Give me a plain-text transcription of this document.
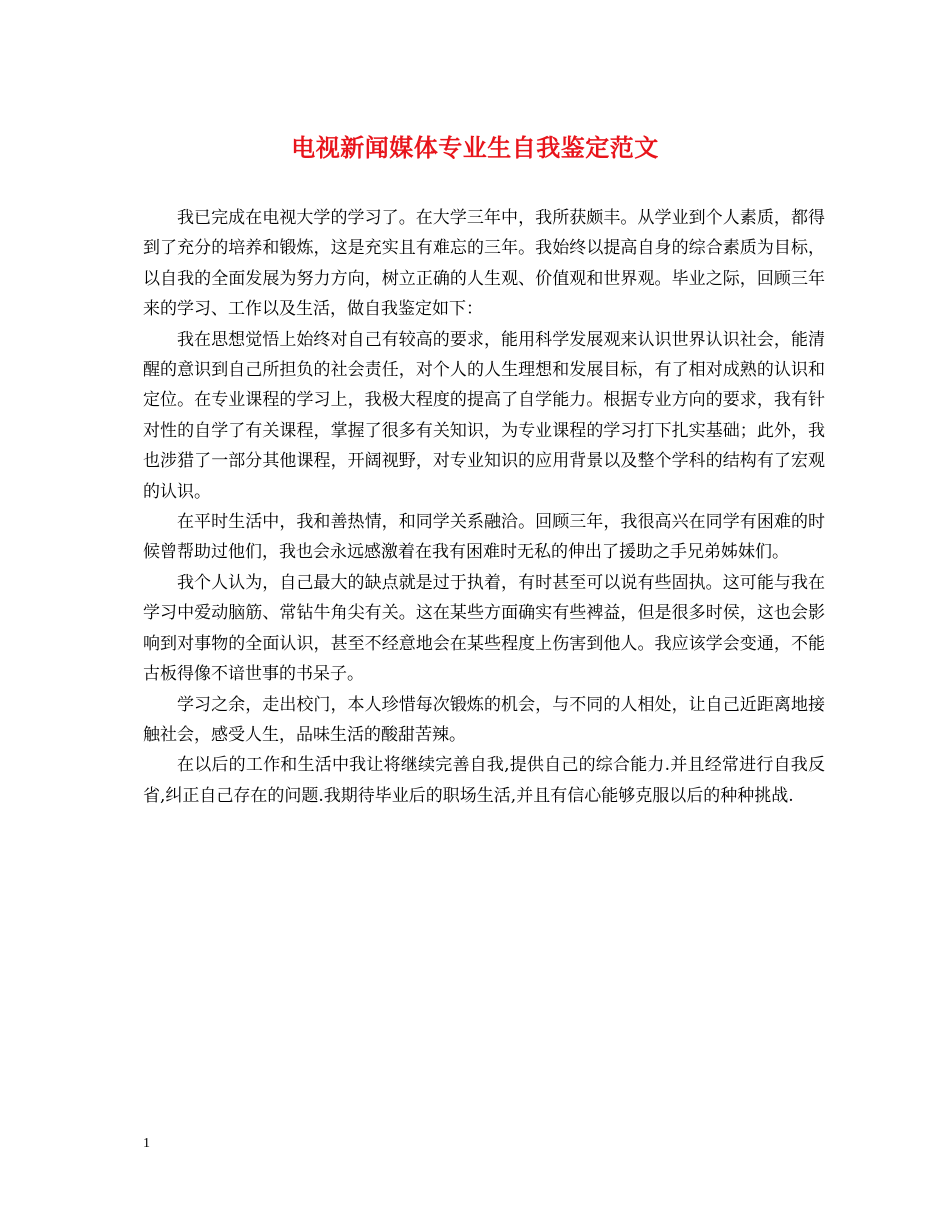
电视新闻媒体专业生自我鉴定范文

我已完成在电视大学的学习了。在大学三年中，我所获颇丰。从学业到个人素质，都得到了充分的培养和锻炼，这是充实且有难忘的三年。我始终以提高自身的综合素质为目标，以自我的全面发展为努力方向，树立正确的人生观、价值观和世界观。毕业之际，回顾三年来的学习、工作以及生活，做自我鉴定如下：

我在思想觉悟上始终对自己有较高的要求，能用科学发展观来认识世界认识社会，能清醒的意识到自己所担负的社会责任，对个人的人生理想和发展目标，有了相对成熟的认识和定位。在专业课程的学习上，我极大程度的提高了自学能力。根据专业方向的要求，我有针对性的自学了有关课程，掌握了很多有关知识，为专业课程的学习打下扎实基础；此外，我也涉猎了一部分其他课程，开阔视野，对专业知识的应用背景以及整个学科的结构有了宏观的认识。

在平时生活中，我和善热情，和同学关系融洽。回顾三年，我很高兴在同学有困难的时候曾帮助过他们，我也会永远感激着在我有困难时无私的伸出了援助之手兄弟姊妹们。

我个人认为，自己最大的缺点就是过于执着，有时甚至可以说有些固执。这可能与我在学习中爱动脑筋、常钻牛角尖有关。这在某些方面确实有些裨益，但是很多时侯，这也会影响到对事物的全面认识，甚至不经意地会在某些程度上伤害到他人。我应该学会变通，不能古板得像不谙世事的书呆子。

学习之余，走出校门，本人珍惜每次锻炼的机会，与不同的人相处，让自己近距离地接触社会，感受人生，品味生活的酸甜苦辣。

在以后的工作和生活中我让将继续完善自我,提供自己的综合能力.并且经常进行自我反省,纠正自己存在的问题.我期待毕业后的职场生活,并且有信心能够克服以后的种种挑战.

1
